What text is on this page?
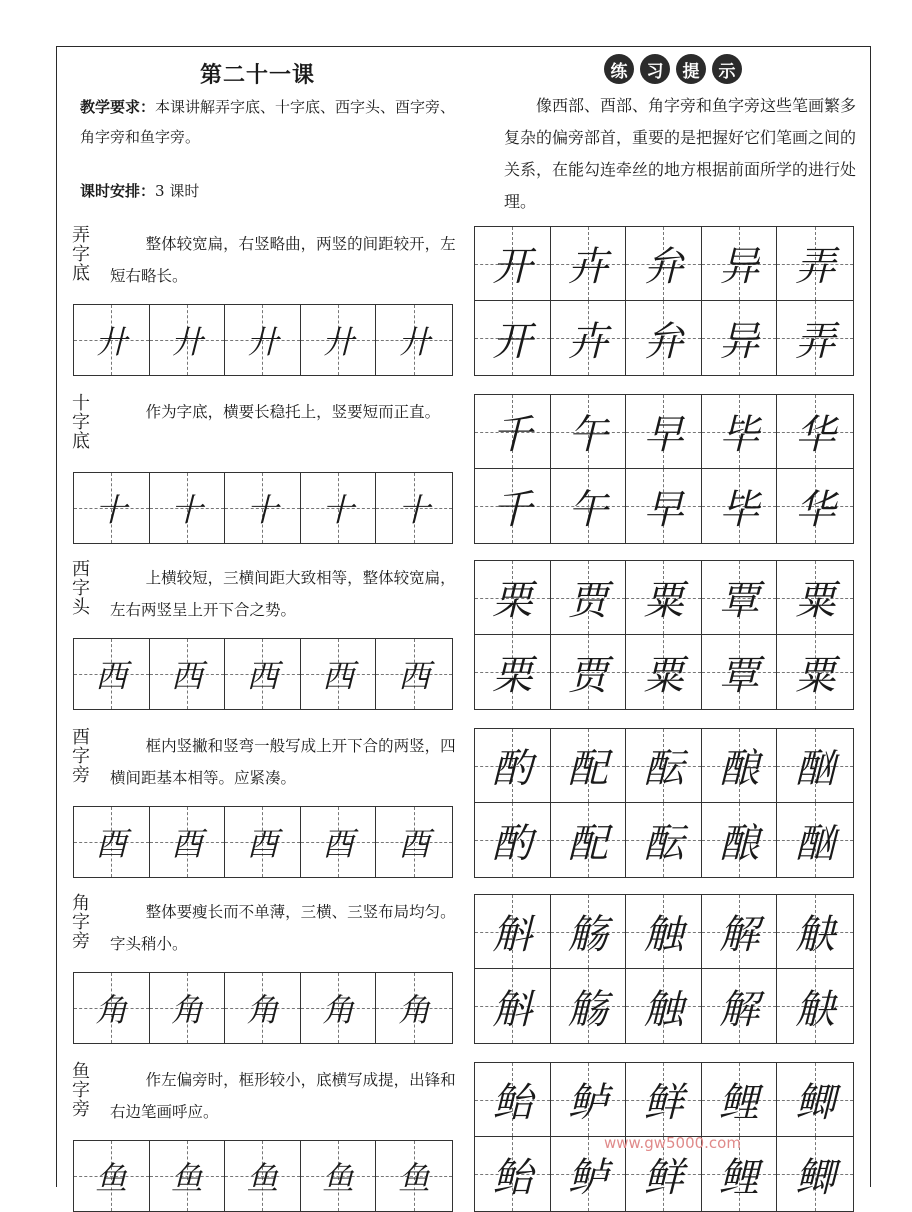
第二十一课
教学要求：本课讲解弄字底、十字底、西字头、酉字旁、角字旁和鱼字旁。
课时安排：3 课时
练	习	提	示
像西部、酉部、角字旁和鱼字旁这些笔画繁多复杂的偏旁部首，重要的是把握好它们笔画之间的关系，在能勾连牵丝的地方根据前面所学的进行处理。
弄字底
整体较宽扁，右竖略曲，两竖的间距较开，左短右略长。
廾 廾 廾 廾 廾
开 卉 弁 异 弄
开 卉 弁 异 弄
十字底
作为字底，横要长稳托上，竖要短而正直。
十 十 十 十 十
千 午 早 毕 华
千 午 早 毕 华
西字头
上横较短，三横间距大致相等，整体较宽扁，左右两竖呈上开下合之势。
西 西 西 西 西
栗 贾 粟 覃 粟
栗 贾 粟 覃 粟
酉字旁
框内竖撇和竖弯一般写成上开下合的两竖，四横间距基本相等。应紧凑。
酉 酉 酉 酉 酉
酌 配 酝 酿 酗
酌 配 酝 酿 酗
角字旁
整体要瘦长而不单薄，三横、三竖布局均匀。字头稍小。
角 角 角 角 角
斛 觞 触 解 觖
斛 觞 触 解 觖
鱼字旁
作左偏旁时，框形较小，底横写成提，出锋和右边笔画呼应。
鱼 鱼 鱼 鱼 鱼
鲐 鲈 鲜 鲤 鲫
鲐 鲈 鲜 鲤 鲫
www.gw5000.com
